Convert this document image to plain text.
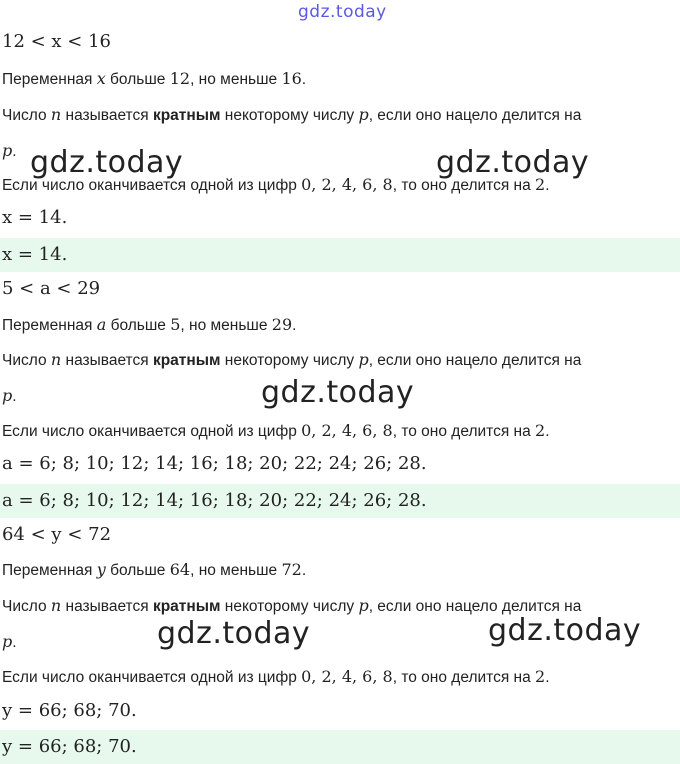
gdz.today
12 < x < 16
Переменная x больше 12, но меньше 16.
Число n называется кратным некоторому числу p, если оно нацело делится на
p. gdz.today	gdz.today
Если число оканчивается одной из цифр 0, 2, 4, 6, 8, то оно делится на 2.
x = 14.
x = 14.
5 < a < 29
Переменная a больше 5, но меньше 29.
Число n называется кратным некоторому числу p, если оно нацело делится на
p.	gdz.today
Если число оканчивается одной из цифр 0, 2, 4, 6, 8, то оно делится на 2.
a = 6; 8; 10; 12; 14; 16; 18; 20; 22; 24; 26; 28.
a = 6; 8; 10; 12; 14; 16; 18; 20; 22; 24; 26; 28.
64 < y < 72
Переменная y больше 64, но меньше 72.
Число n называется кратным некоторому числу p, если оно нацело делится на
p.	gdz.today	gdz.today
Если число оканчивается одной из цифр 0, 2, 4, 6, 8, то оно делится на 2.
y = 66; 68; 70.
y = 66; 68; 70.
